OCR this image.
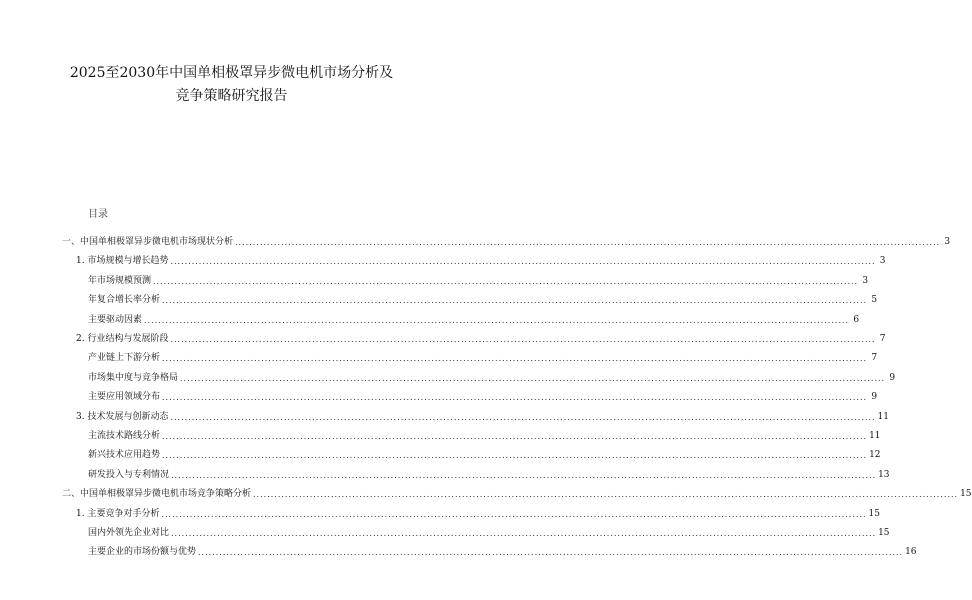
2025至2030年中国单相极罩异步微电机市场分析及
竞争策略研究报告
目录
一、中国单相极罩异步微电机市场现状分析 ....................................................................................................................................................................................................... 3
1. 市场规模与增长趋势 ....................................................................................................................................................................................................... 3
年市场规模预测 ....................................................................................................................................................................................................... 3
年复合增长率分析 ....................................................................................................................................................................................................... 5
主要驱动因素 ....................................................................................................................................................................................................... 6
2. 行业结构与发展阶段 ....................................................................................................................................................................................................... 7
产业链上下游分析 ....................................................................................................................................................................................................... 7
市场集中度与竞争格局 ....................................................................................................................................................................................................... 9
主要应用领域分布 ....................................................................................................................................................................................................... 9
3. 技术发展与创新动态 ....................................................................................................................................................................................................... 11
主流技术路线分析 ....................................................................................................................................................................................................... 11
新兴技术应用趋势 ....................................................................................................................................................................................................... 12
研发投入与专利情况 ....................................................................................................................................................................................................... 13
二、中国单相极罩异步微电机市场竞争策略分析 ....................................................................................................................................................................................................... 15
1. 主要竞争对手分析 ....................................................................................................................................................................................................... 15
国内外领先企业对比 ....................................................................................................................................................................................................... 15
主要企业的市场份额与优势 ....................................................................................................................................................................................................... 16
